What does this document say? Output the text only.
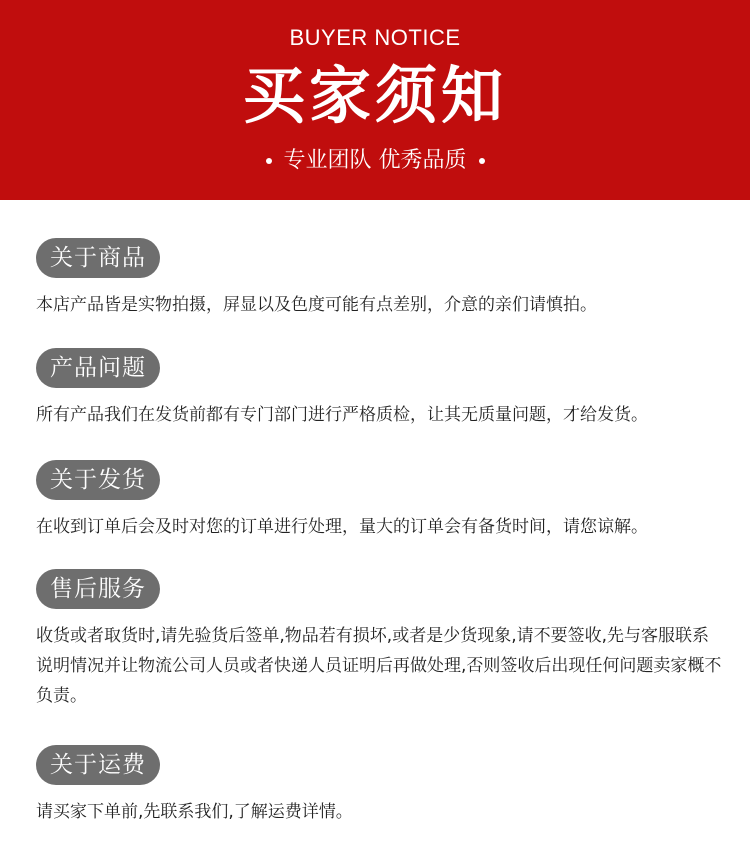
BUYER NOTICE
买家须知
专业团队 优秀品质
关于商品
本店产品皆是实物拍摄，屏显以及色度可能有点差别，介意的亲们请慎拍。
产品问题
所有产品我们在发货前都有专门部门进行严格质检，让其无质量问题，才给发货。
关于发货
在收到订单后会及时对您的订单进行处理，量大的订单会有备货时间，请您谅解。
售后服务
收货或者取货时,请先验货后签单,物品若有损坏,或者是少货现象,请不要签收,先与客服联系说明情况并让物流公司人员或者快递人员证明后再做处理,否则签收后出现任何问题卖家概不负责。
关于运费
请买家下单前,先联系我们,了解运费详情。
